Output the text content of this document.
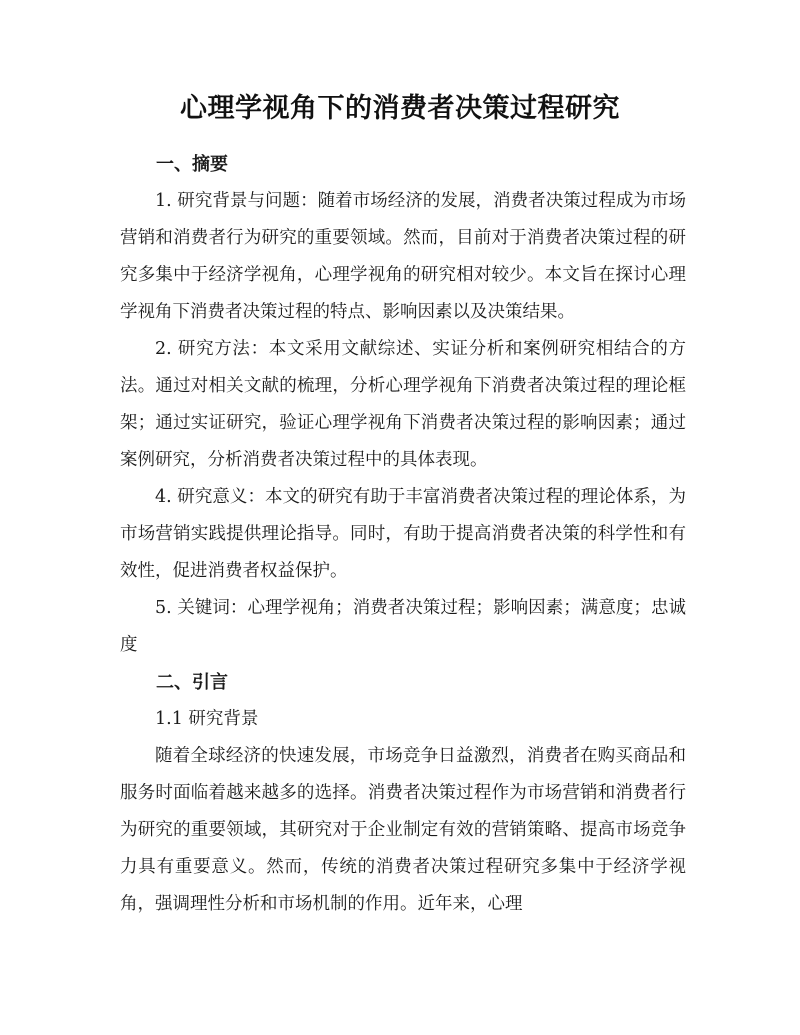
心理学视角下的消费者决策过程研究

一、摘要

1. 研究背景与问题：随着市场经济的发展，消费者决策过程成为市场营销和消费者行为研究的重要领域。然而，目前对于消费者决策过程的研究多集中于经济学视角，心理学视角的研究相对较少。本文旨在探讨心理学视角下消费者决策过程的特点、影响因素以及决策结果。

2. 研究方法：本文采用文献综述、实证分析和案例研究相结合的方法。通过对相关文献的梳理，分析心理学视角下消费者决策过程的理论框架；通过实证研究，验证心理学视角下消费者决策过程的影响因素；通过案例研究，分析消费者决策过程中的具体表现。

4. 研究意义：本文的研究有助于丰富消费者决策过程的理论体系，为市场营销实践提供理论指导。同时，有助于提高消费者决策的科学性和有效性，促进消费者权益保护。

5. 关键词：心理学视角；消费者决策过程；影响因素；满意度；忠诚度

二、引言

1.1 研究背景

随着全球经济的快速发展，市场竞争日益激烈，消费者在购买商品和服务时面临着越来越多的选择。消费者决策过程作为市场营销和消费者行为研究的重要领域，其研究对于企业制定有效的营销策略、提高市场竞争力具有重要意义。然而，传统的消费者决策过程研究多集中于经济学视角，强调理性分析和市场机制的作用。近年来，心理
